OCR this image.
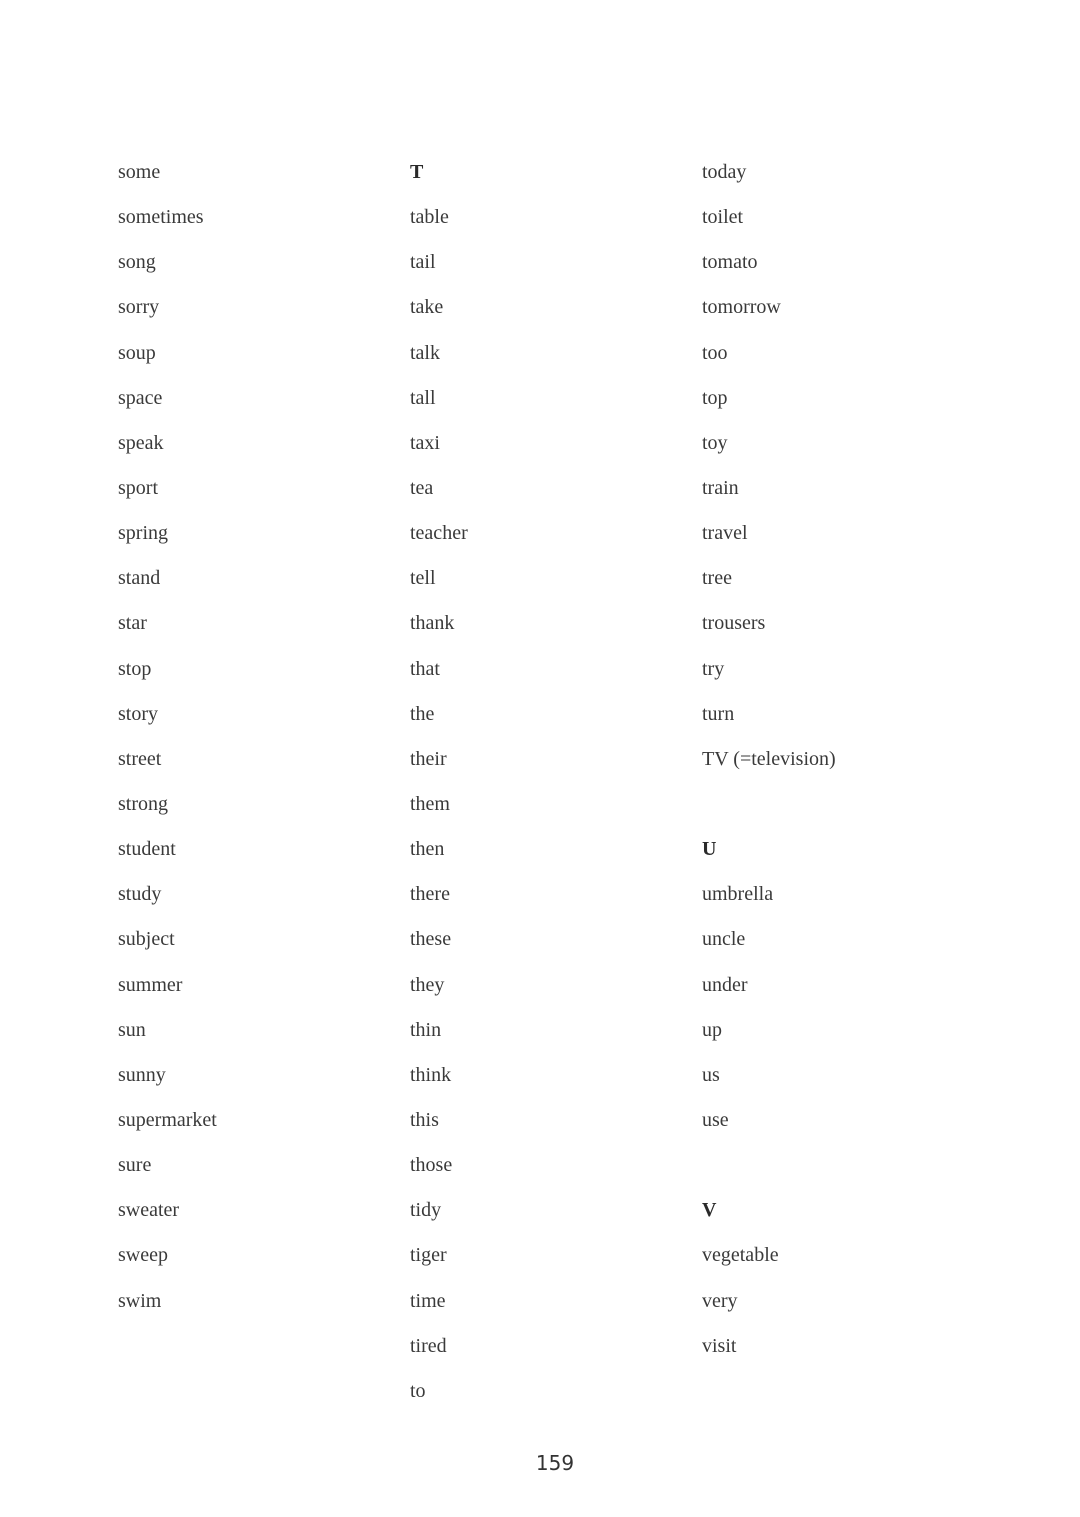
some
sometimes
song
sorry
soup
space
speak
sport
spring
stand
star
stop
story
street
strong
student
study
subject
summer
sun
sunny
supermarket
sure
sweater
sweep
swim
T
table
tail
take
talk
tall
taxi
tea
teacher
tell
thank
that
the
their
them
then
there
these
they
thin
think
this
those
tidy
tiger
time
tired
to
today
toilet
tomato
tomorrow
too
top
toy
train
travel
tree
trousers
try
turn
TV (=television)
U
umbrella
uncle
under
up
us
use
V
vegetable
very
visit
159
